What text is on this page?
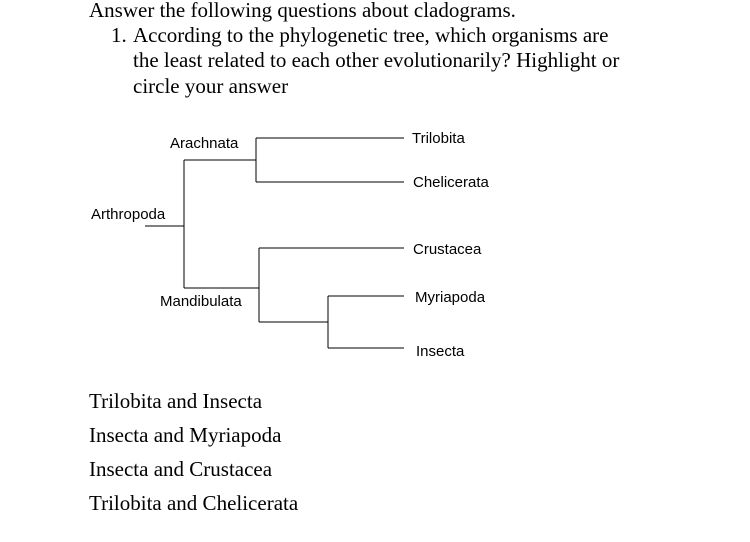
Answer the following questions about cladograms.
1. According to the phylogenetic tree, which organisms are
the least related to each other evolutionarily? Highlight or
circle your answer
Arthropoda
Arachnata
Mandibulata
Trilobita
Chelicerata
Crustacea
Myriapoda
Insecta
Trilobita and Insecta
Insecta and Myriapoda
Insecta and Crustacea
Trilobita and Chelicerata
